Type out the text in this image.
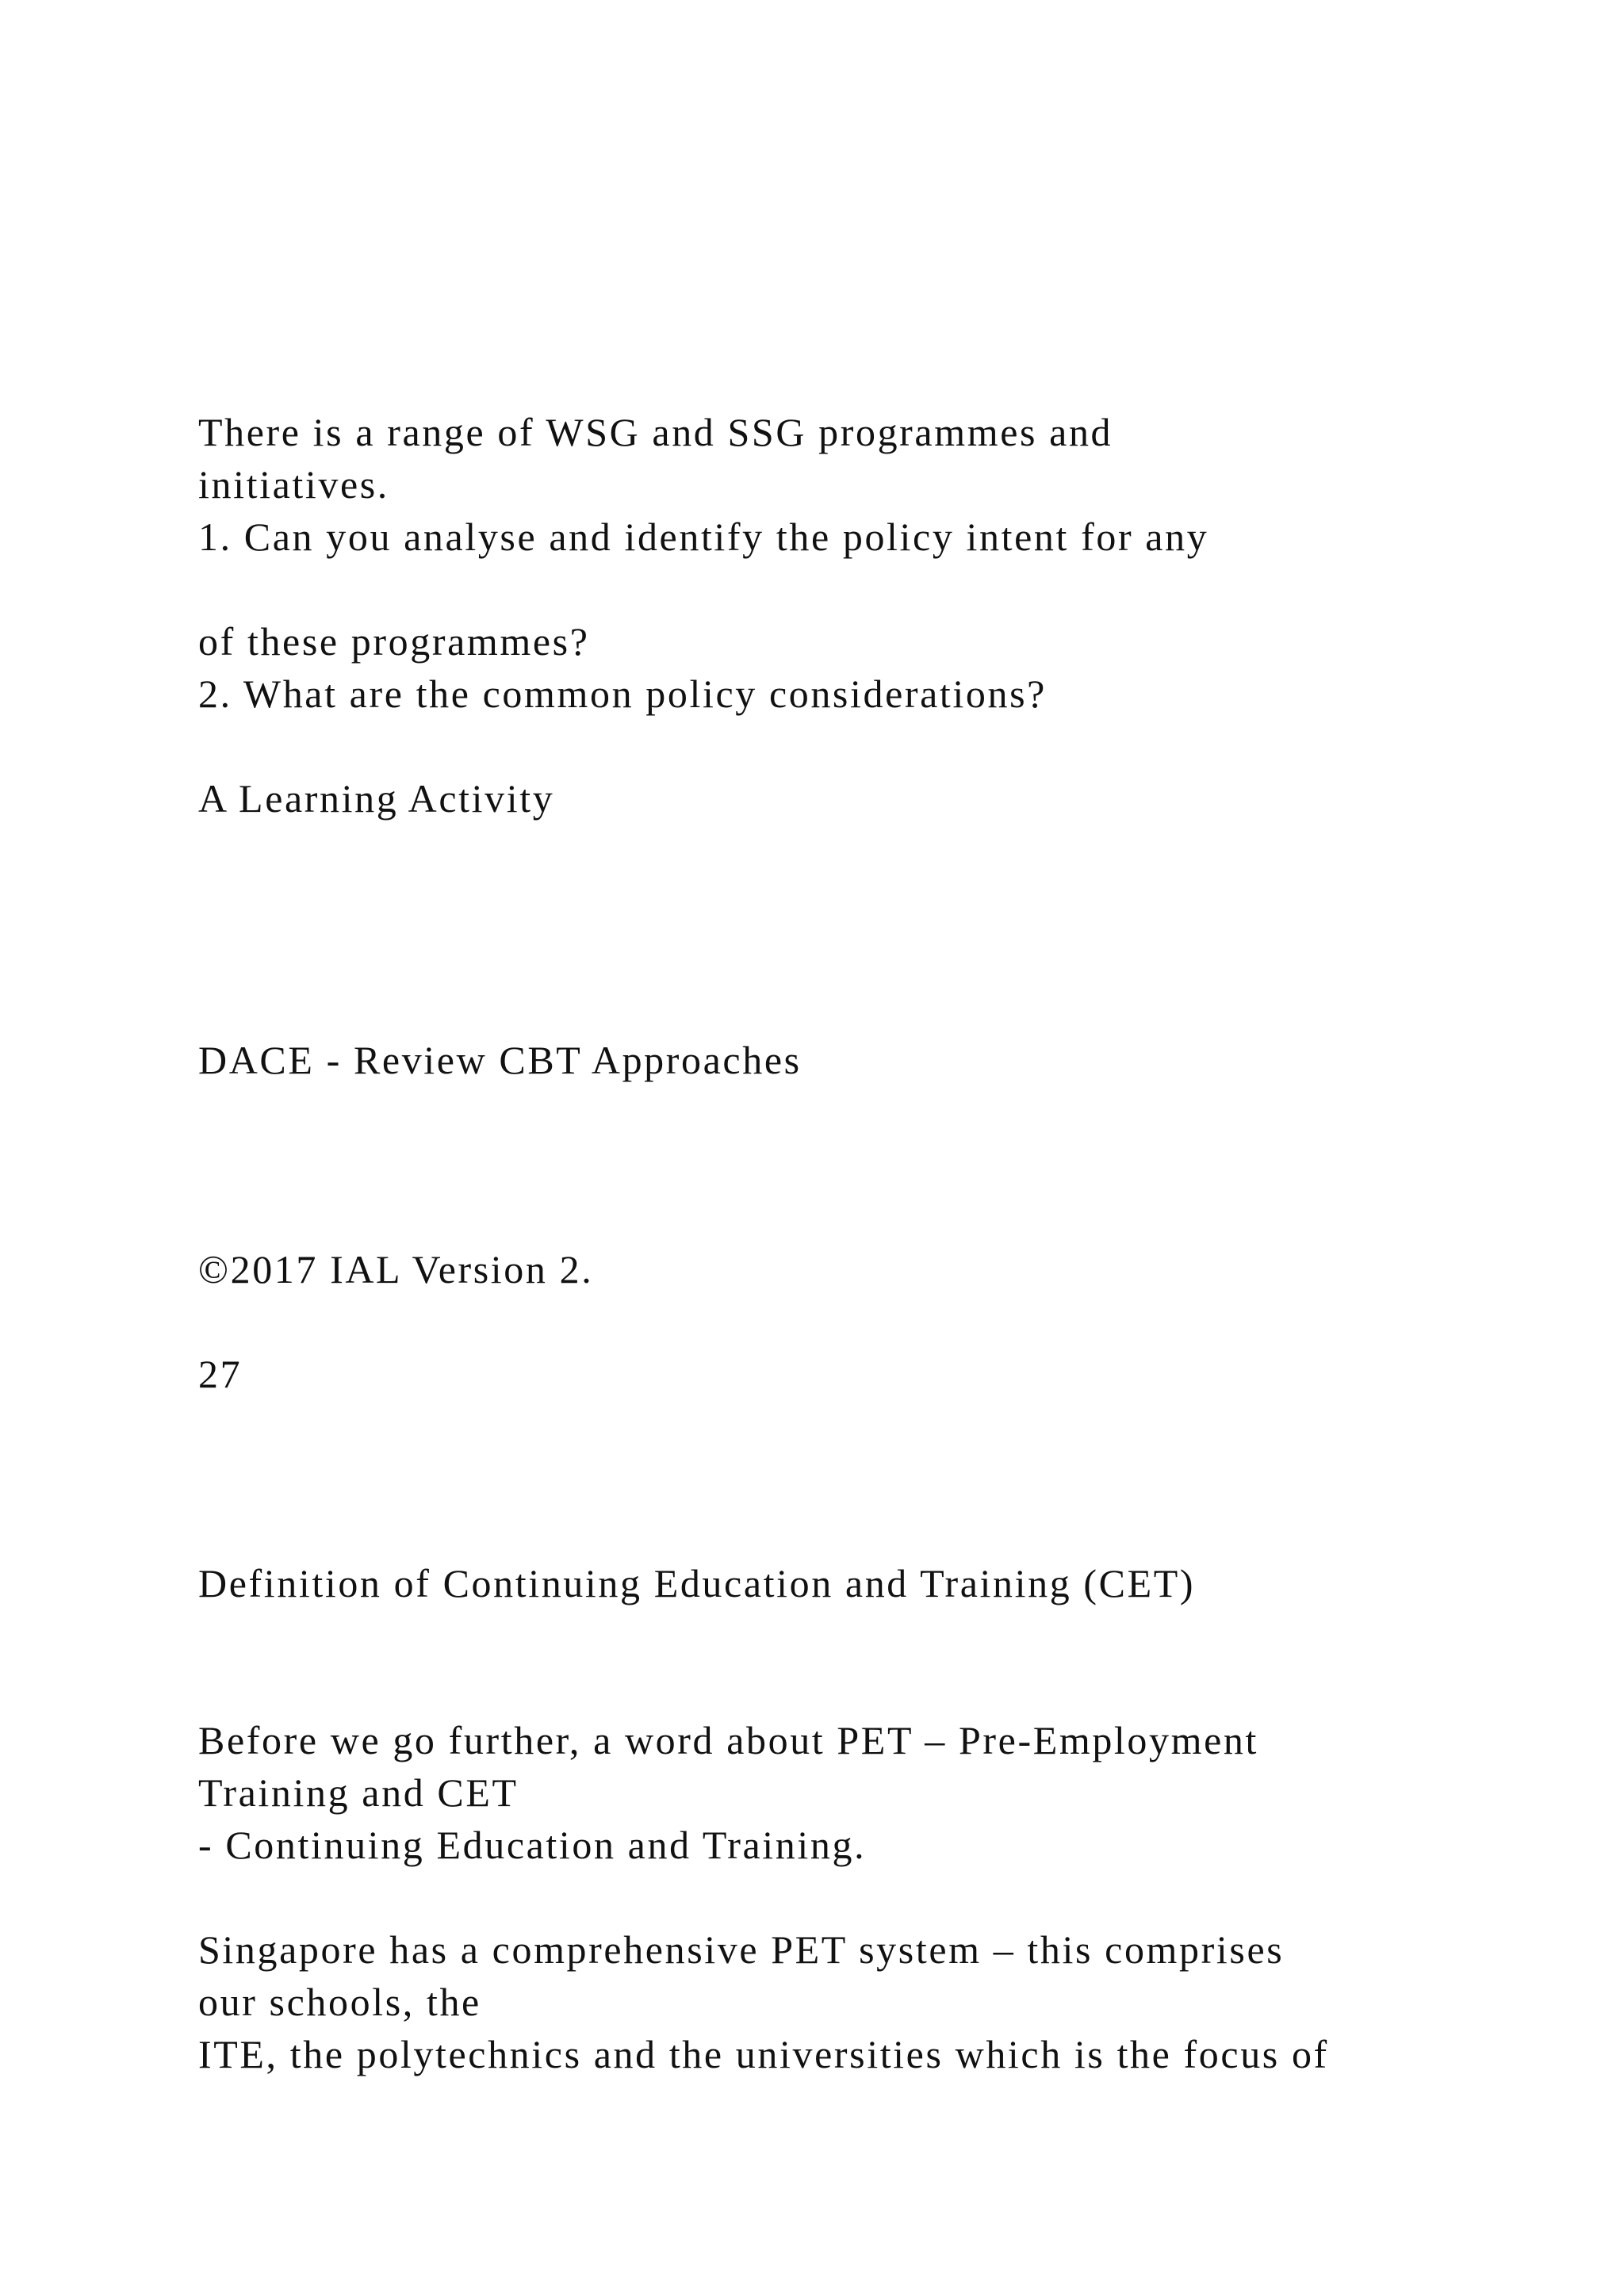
There is a range of WSG and SSG programmes and

initiatives.

1. Can you analyse and identify the policy intent for any

of these programmes?

2. What are the common policy considerations?

A Learning Activity

DACE - Review CBT Approaches

©2017 IAL Version 2.

27

Definition of Continuing Education and Training (CET)

Before we go further, a word about PET – Pre-Employment

Training and CET

- Continuing Education and Training.

Singapore has a comprehensive PET system – this comprises

our schools, the

ITE, the polytechnics and the universities which is the focus of
